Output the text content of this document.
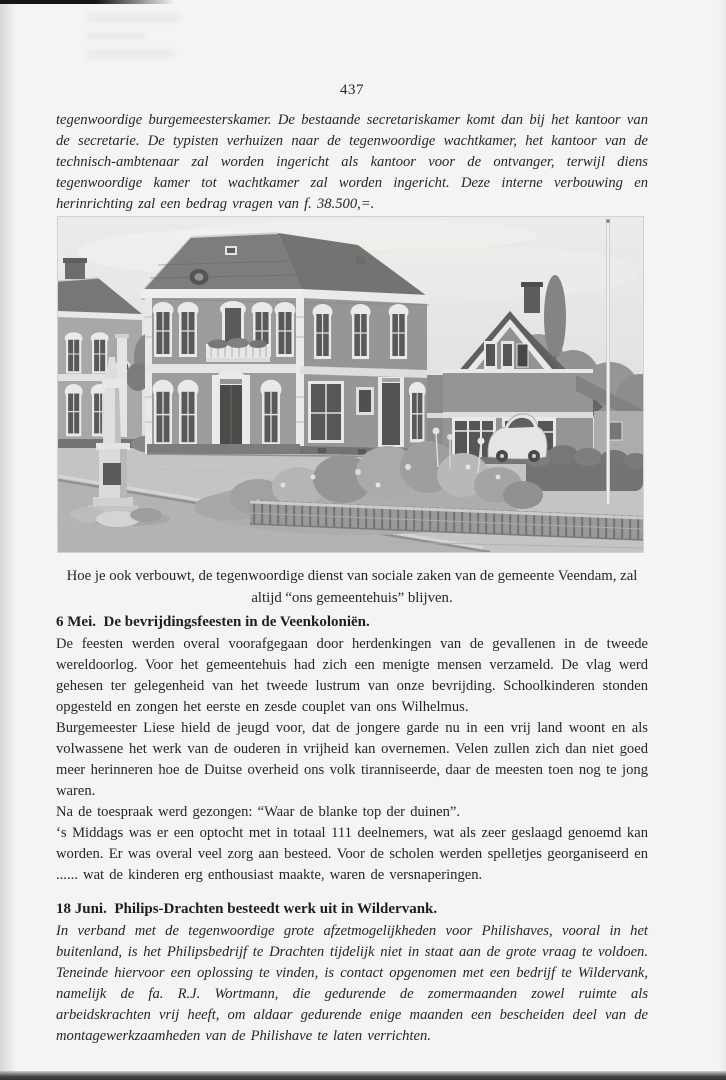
437

tegenwoordige burgemeesterskamer. De bestaande secretariskamer komt dan bij het kantoor van de secretarie. De typisten verhuizen naar de tegenwoordige wachtkamer, het kantoor van de technisch-ambtenaar zal worden ingericht als kantoor voor de ontvanger, terwijl diens tegenwoordige kamer tot wachtkamer zal worden ingericht. Deze interne verbouwing en herinrichting zal een bedrag vragen van f. 38.500,=.

Hoe je ook verbouwt, de tegenwoordige dienst van sociale zaken van de gemeente Veendam, zal altijd “ons gemeentehuis” blijven.
6 Mei.  De bevrijdingsfeesten in de Veenkoloniën.

De feesten werden overal voorafgegaan door herdenkingen van de gevallenen in de tweede wereldoorlog. Voor het gemeentehuis had zich een menigte mensen verzameld. De vlag werd gehesen ter gelegenheid van het tweede lustrum van onze bevrijding. Schoolkinderen stonden opgesteld en zongen het eerste en zesde couplet van ons Wilhelmus.

Burgemeester Liese hield de jeugd voor, dat de jongere garde nu in een vrij land woont en als volwassene het werk van de ouderen in vrijheid kan overnemen. Velen zullen zich dan niet goed meer herinneren hoe de Duitse overheid ons volk tiranniseerde, daar de meesten toen nog te jong waren.

Na de toespraak werd gezongen: “Waar de blanke top der duinen”.

‘s Middags was er een optocht met in totaal 111 deelnemers, wat als zeer geslaagd genoemd kan worden. Er was overal veel zorg aan besteed. Voor de scholen werden spelletjes georganiseerd en ...... wat de kinderen erg enthousiast maakte, waren de versnaperingen.

18 Juni.  Philips-Drachten besteedt werk uit in Wildervank.

In verband met de tegenwoordige grote afzetmogelijkheden voor Philishaves, vooral in het buitenland, is het Philipsbedrijf te Drachten tijdelijk niet in staat aan de grote vraag te voldoen. Teneinde hiervoor een oplossing te vinden, is contact opgenomen met een bedrijf te Wildervank, namelijk de fa. R.J. Wortmann, die gedurende de zomermaanden zowel ruimte als arbeidskrachten vrij heeft, om aldaar gedurende enige maanden een bescheiden deel van de montagewerkzaamheden van de Philishave te laten verrichten.
